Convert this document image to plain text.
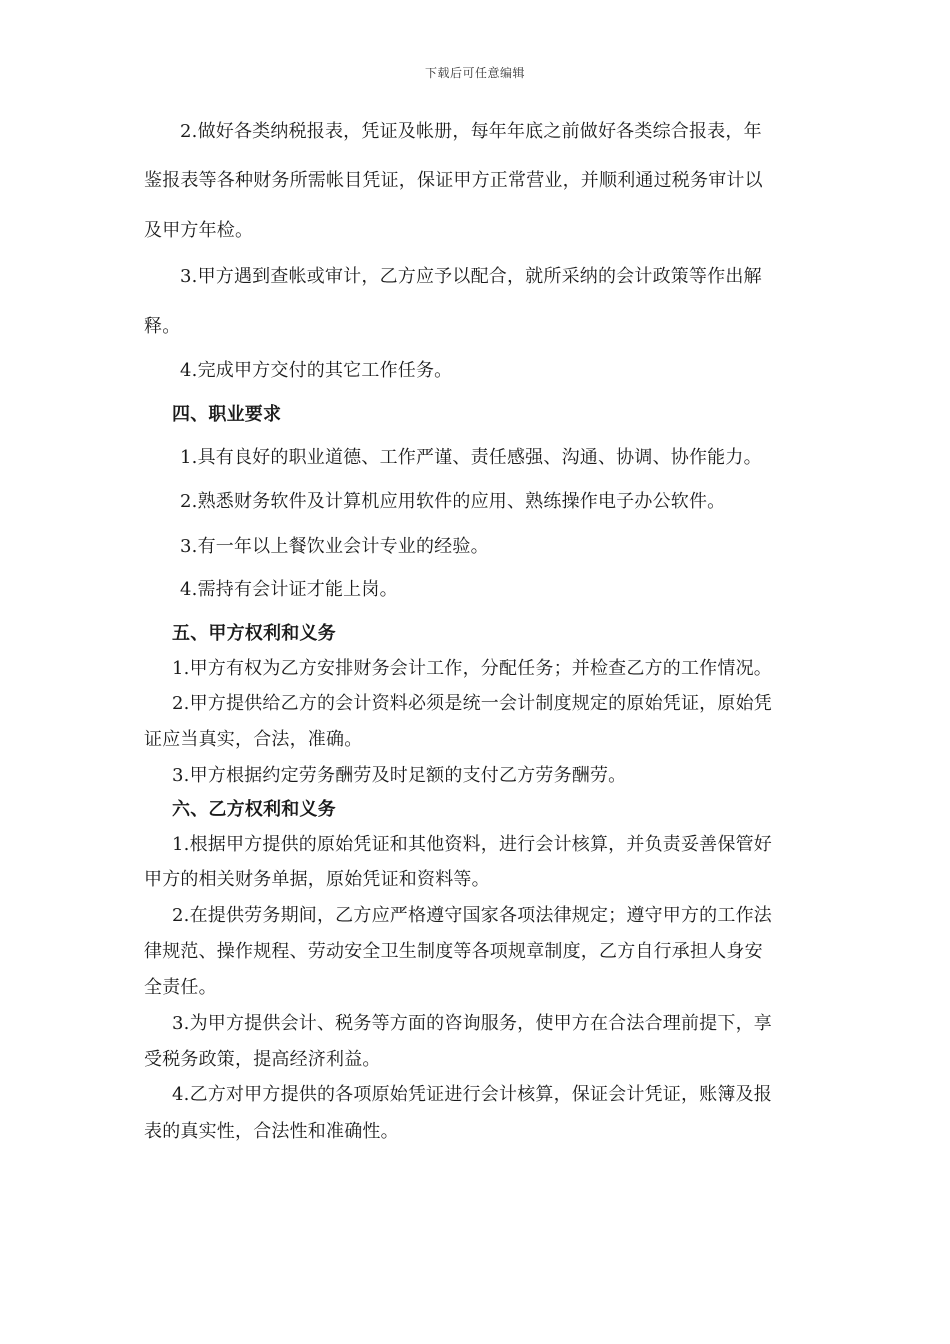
下载后可任意编辑
2.做好各类纳税报表，凭证及帐册，每年年底之前做好各类综合报表，年
鉴报表等各种财务所需帐目凭证，保证甲方正常营业，并顺利通过税务审计以
及甲方年检。
3.甲方遇到查帐或审计，乙方应予以配合，就所采纳的会计政策等作出解
释。
4.完成甲方交付的其它工作任务。
四、职业要求
1.具有良好的职业道德、工作严谨、责任感强、沟通、协调、协作能力。
2.熟悉财务软件及计算机应用软件的应用、熟练操作电子办公软件。
3.有一年以上餐饮业会计专业的经验。
4.需持有会计证才能上岗。
五、甲方权利和义务
1.甲方有权为乙方安排财务会计工作，分配任务；并检查乙方的工作情况。
2.甲方提供给乙方的会计资料必须是统一会计制度规定的原始凭证，原始凭
证应当真实，合法，准确。
3.甲方根据约定劳务酬劳及时足额的支付乙方劳务酬劳。
六、乙方权利和义务
1.根据甲方提供的原始凭证和其他资料，进行会计核算，并负责妥善保管好
甲方的相关财务单据，原始凭证和资料等。
2.在提供劳务期间，乙方应严格遵守国家各项法律规定；遵守甲方的工作法
律规范、操作规程、劳动安全卫生制度等各项规章制度，乙方自行承担人身安
全责任。
3.为甲方提供会计、税务等方面的咨询服务，使甲方在合法合理前提下，享
受税务政策，提高经济利益。
4.乙方对甲方提供的各项原始凭证进行会计核算，保证会计凭证，账簿及报
表的真实性，合法性和准确性。
